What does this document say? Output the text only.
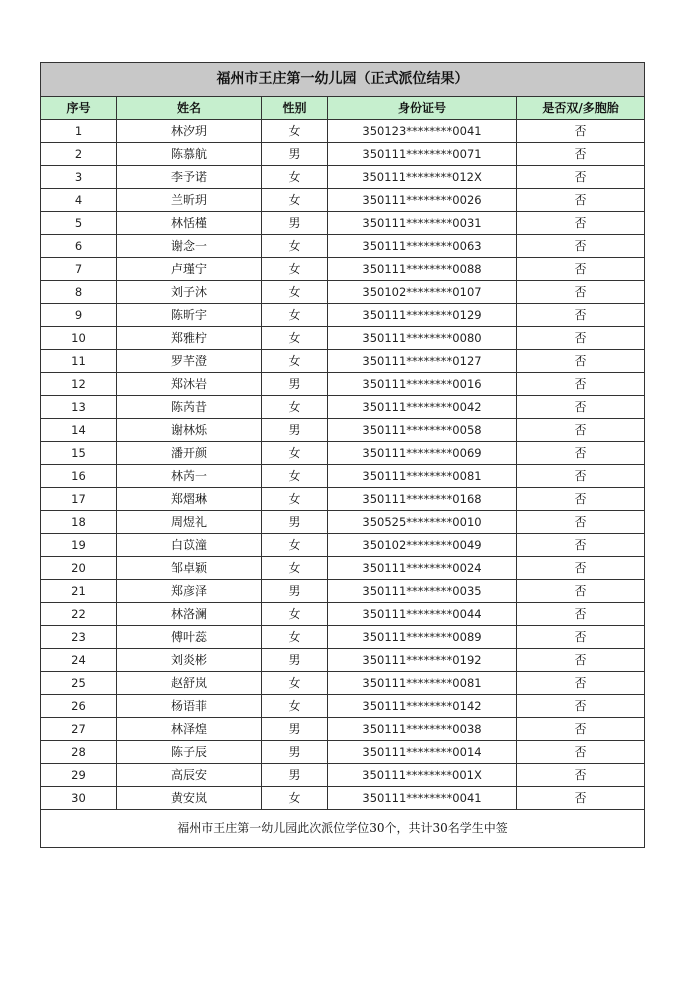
福州市王庄第一幼儿园（正式派位结果）				
序号	姓名	性别	身份证号	是否双/多胞胎
1	林汐玥	女	350123********0041	否
2	陈慕航	男	350111********0071	否
3	李予诺	女	350111********012X	否
4	兰昕玥	女	350111********0026	否
5	林恬槿	男	350111********0031	否
6	谢念一	女	350111********0063	否
7	卢瑾宁	女	350111********0088	否
8	刘子沐	女	350102********0107	否
9	陈昕宇	女	350111********0129	否
10	郑雅柠	女	350111********0080	否
11	罗芊澄	女	350111********0127	否
12	郑沐岩	男	350111********0016	否
13	陈芮昔	女	350111********0042	否
14	谢林烁	男	350111********0058	否
15	潘开颜	女	350111********0069	否
16	林芮一	女	350111********0081	否
17	郑熠琳	女	350111********0168	否
18	周煜礼	男	350525********0010	否
19	白苡潼	女	350102********0049	否
20	邹卓颖	女	350111********0024	否
21	郑彦泽	男	350111********0035	否
22	林洛澜	女	350111********0044	否
23	傅叶蕊	女	350111********0089	否
24	刘炎彬	男	350111********0192	否
25	赵舒岚	女	350111********0081	否
26	杨语菲	女	350111********0142	否
27	林泽煌	男	350111********0038	否
28	陈子辰	男	350111********0014	否
29	高辰安	男	350111********001X	否
30	黄安岚	女	350111********0041	否
福州市王庄第一幼儿园此次派位学位30个，共计30名学生中签				
